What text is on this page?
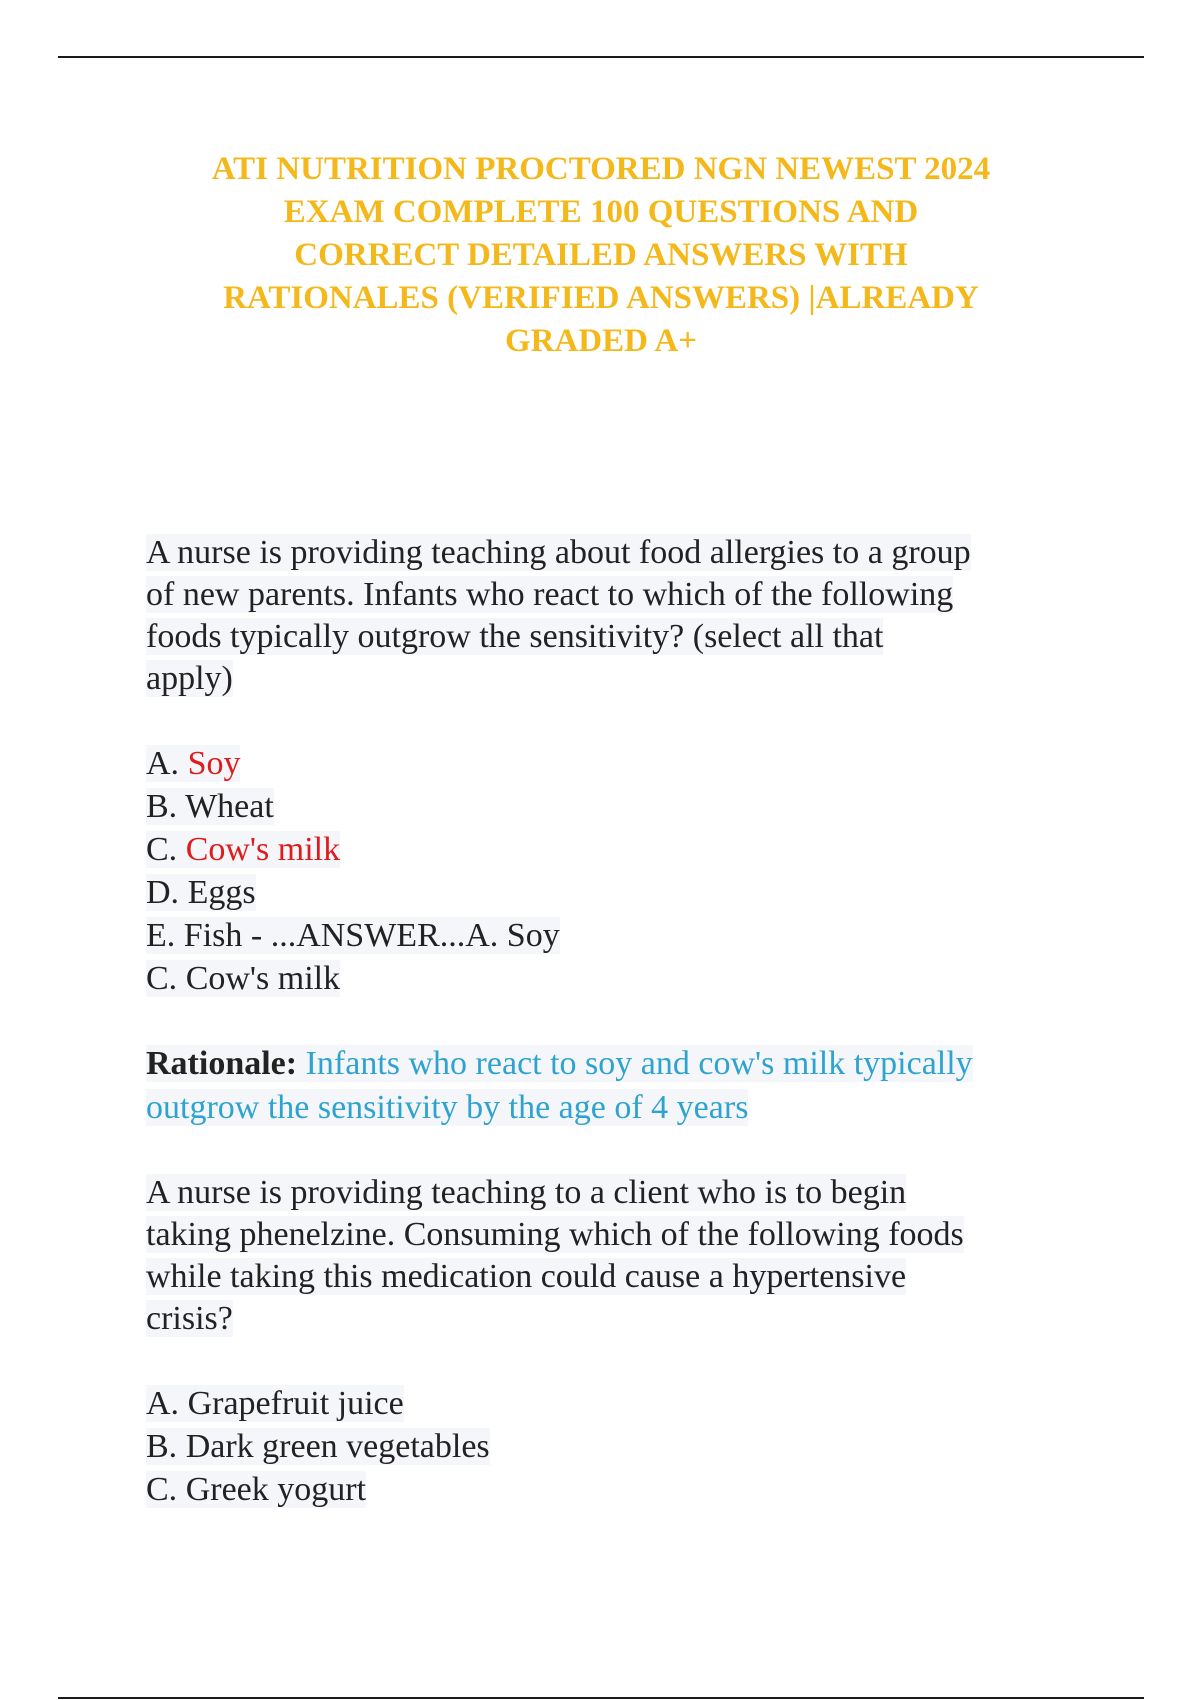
ATI NUTRITION PROCTORED NGN NEWEST 2024
EXAM COMPLETE 100 QUESTIONS AND
CORRECT DETAILED ANSWERS WITH
RATIONALES (VERIFIED ANSWERS) |ALREADY
GRADED A+
A nurse is providing teaching about food allergies to a group
of new parents. Infants who react to which of the following
foods typically outgrow the sensitivity? (select all that
apply)
A. Soy
B. Wheat
C. Cow's milk
D. Eggs
E. Fish - ...ANSWER...A. Soy
C. Cow's milk
Rationale: Infants who react to soy and cow's milk typically
outgrow the sensitivity by the age of 4 years
A nurse is providing teaching to a client who is to begin
taking phenelzine. Consuming which of the following foods
while taking this medication could cause a hypertensive
crisis?
A. Grapefruit juice
B. Dark green vegetables
C. Greek yogurt
